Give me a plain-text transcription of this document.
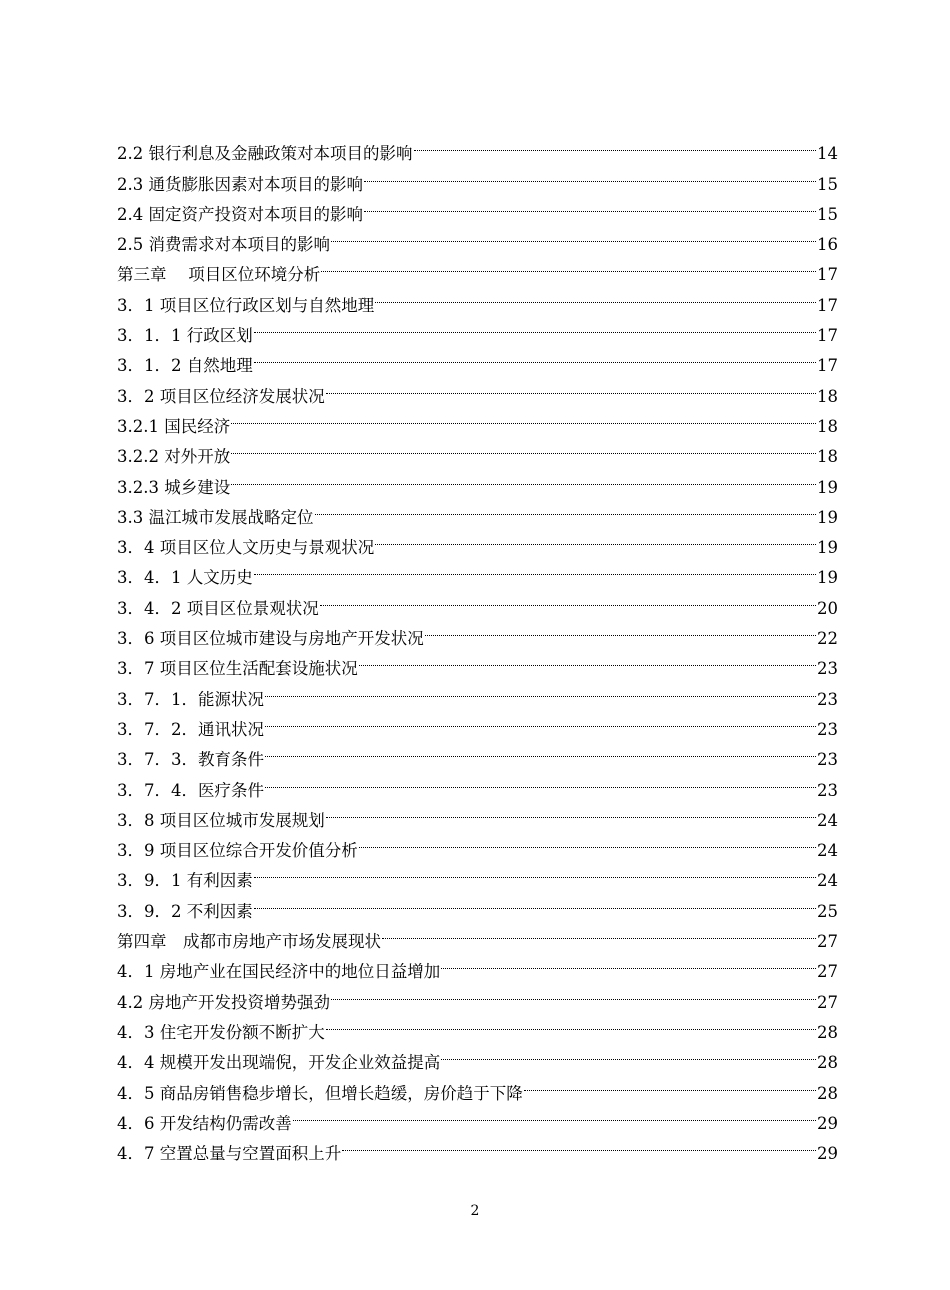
2.2 银行利息及金融政策对本项目的影响	14
2.3 通货膨胀因素对本项目的影响	15
2.4 固定资产投资对本项目的影响	15
2.5 消费需求对本项目的影响	16
第三章　 项目区位环境分析	17
3．1 项目区位行政区划与自然地理	17
3．1．1 行政区划	17
3．1．2 自然地理	17
3．2 项目区位经济发展状况	18
3.2.1 国民经济	18
3.2.2 对外开放	18
3.2.3 城乡建设	19
3.3 温江城市发展战略定位	19
3．4 项目区位人文历史与景观状况	19
3．4．1 人文历史	19
3．4．2 项目区位景观状况	20
3．6 项目区位城市建设与房地产开发状况	22
3．7 项目区位生活配套设施状况	23
3．7．1．能源状况	23
3．7．2．通讯状况	23
3．7．3．教育条件	23
3．7．4．医疗条件	23
3．8 项目区位城市发展规划	24
3．9 项目区位综合开发价值分析	24
3．9．1 有利因素	24
3．9．2 不利因素	25
第四章　成都市房地产市场发展现状	27
4．1 房地产业在国民经济中的地位日益增加	27
4.2 房地产开发投资增势强劲	27
4．3 住宅开发份额不断扩大	28
4．4 规模开发出现端倪，开发企业效益提高	28
4．5 商品房销售稳步增长，但增长趋缓，房价趋于下降	28
4．6 开发结构仍需改善	29
4．7 空置总量与空置面积上升	29
2
